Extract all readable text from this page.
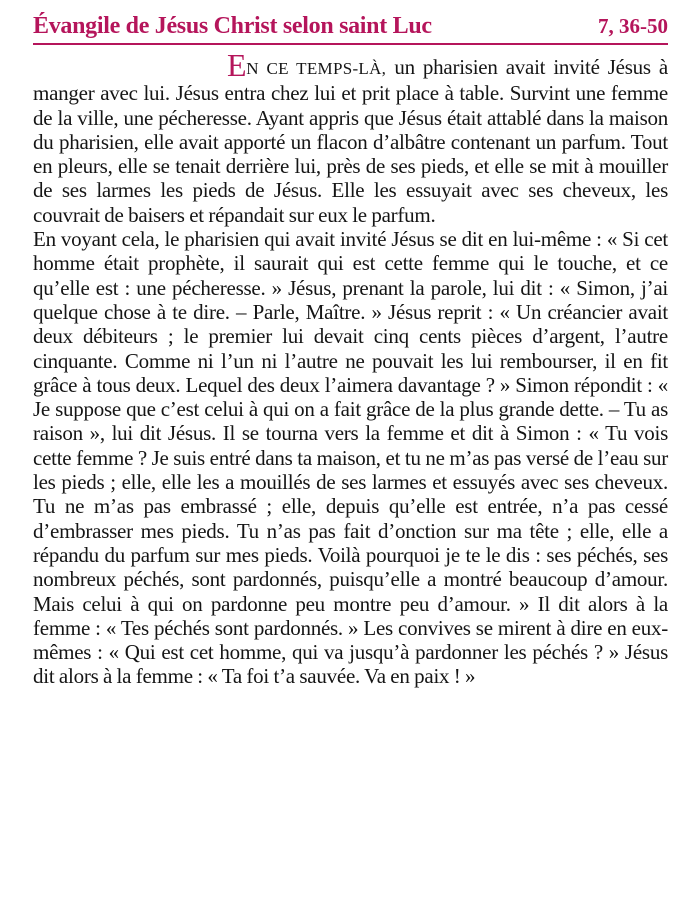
Évangile de Jésus Christ selon saint Luc	7, 36-50

EN CE TEMPS-LÀ, un pharisien avait invité Jésus à manger avec lui. Jésus entra chez lui et prit place à table. Survint une femme de la ville, une pécheresse. Ayant appris que Jésus était attablé dans la maison du pharisien, elle avait apporté un flacon d’albâtre contenant un parfum. Tout en pleurs, elle se tenait derrière lui, près de ses pieds, et elle se mit à mouiller de ses larmes les pieds de Jésus. Elle les essuyait avec ses cheveux, les couvrait de baisers et répandait sur eux le parfum.

En voyant cela, le pharisien qui avait invité Jésus se dit en lui-même : « Si cet homme était prophète, il saurait qui est cette femme qui le touche, et ce qu’elle est : une pécheresse. » Jésus, prenant la parole, lui dit : « Simon, j’ai quelque chose à te dire. – Parle, Maître. » Jésus reprit : « Un créancier avait deux débiteurs ; le premier lui devait cinq cents pièces d’argent, l’autre cinquante. Comme ni l’un ni l’autre ne pouvait les lui rembourser, il en fit grâce à tous deux. Lequel des deux l’aimera davantage ? » Simon répondit : « Je suppose que c’est celui à qui on a fait grâce de la plus grande dette. – Tu as raison », lui dit Jésus. Il se tourna vers la femme et dit à Simon : « Tu vois cette femme ? Je suis entré dans ta maison, et tu ne m’as pas versé de l’eau sur les pieds ; elle, elle les a mouillés de ses larmes et essuyés avec ses cheveux. Tu ne m’as pas embrassé ; elle, depuis qu’elle est entrée, n’a pas cessé d’embrasser mes pieds. Tu n’as pas fait d’onction sur ma tête ; elle, elle a répandu du parfum sur mes pieds. Voilà pourquoi je te le dis : ses péchés, ses nombreux péchés, sont pardonnés, puisqu’elle a montré beaucoup d’amour. Mais celui à qui on pardonne peu montre peu d’amour. » Il dit alors à la femme : « Tes péchés sont pardonnés. » Les convives se mirent à dire en eux-mêmes : « Qui est cet homme, qui va jusqu’à pardonner les péchés ? » Jésus dit alors à la femme : « Ta foi t’a sauvée. Va en paix ! »
